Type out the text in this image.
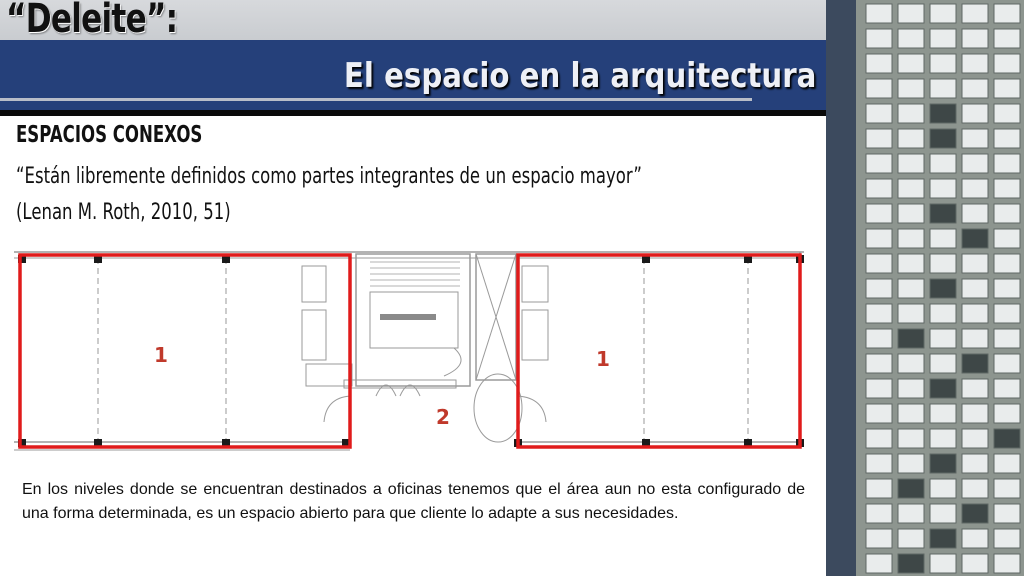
“Deleite”:
El espacio en la arquitectura
ESPACIOS CONEXOS

“Están libremente definidos como partes integrantes de un espacio mayor”

(Lenan M. Roth, 2010, 51)

1
2
1

En los niveles donde se encuentran destinados a oficinas tenemos que el área aun no esta configurado de una forma determinada, es un espacio abierto para que cliente lo adapte a sus necesidades.
